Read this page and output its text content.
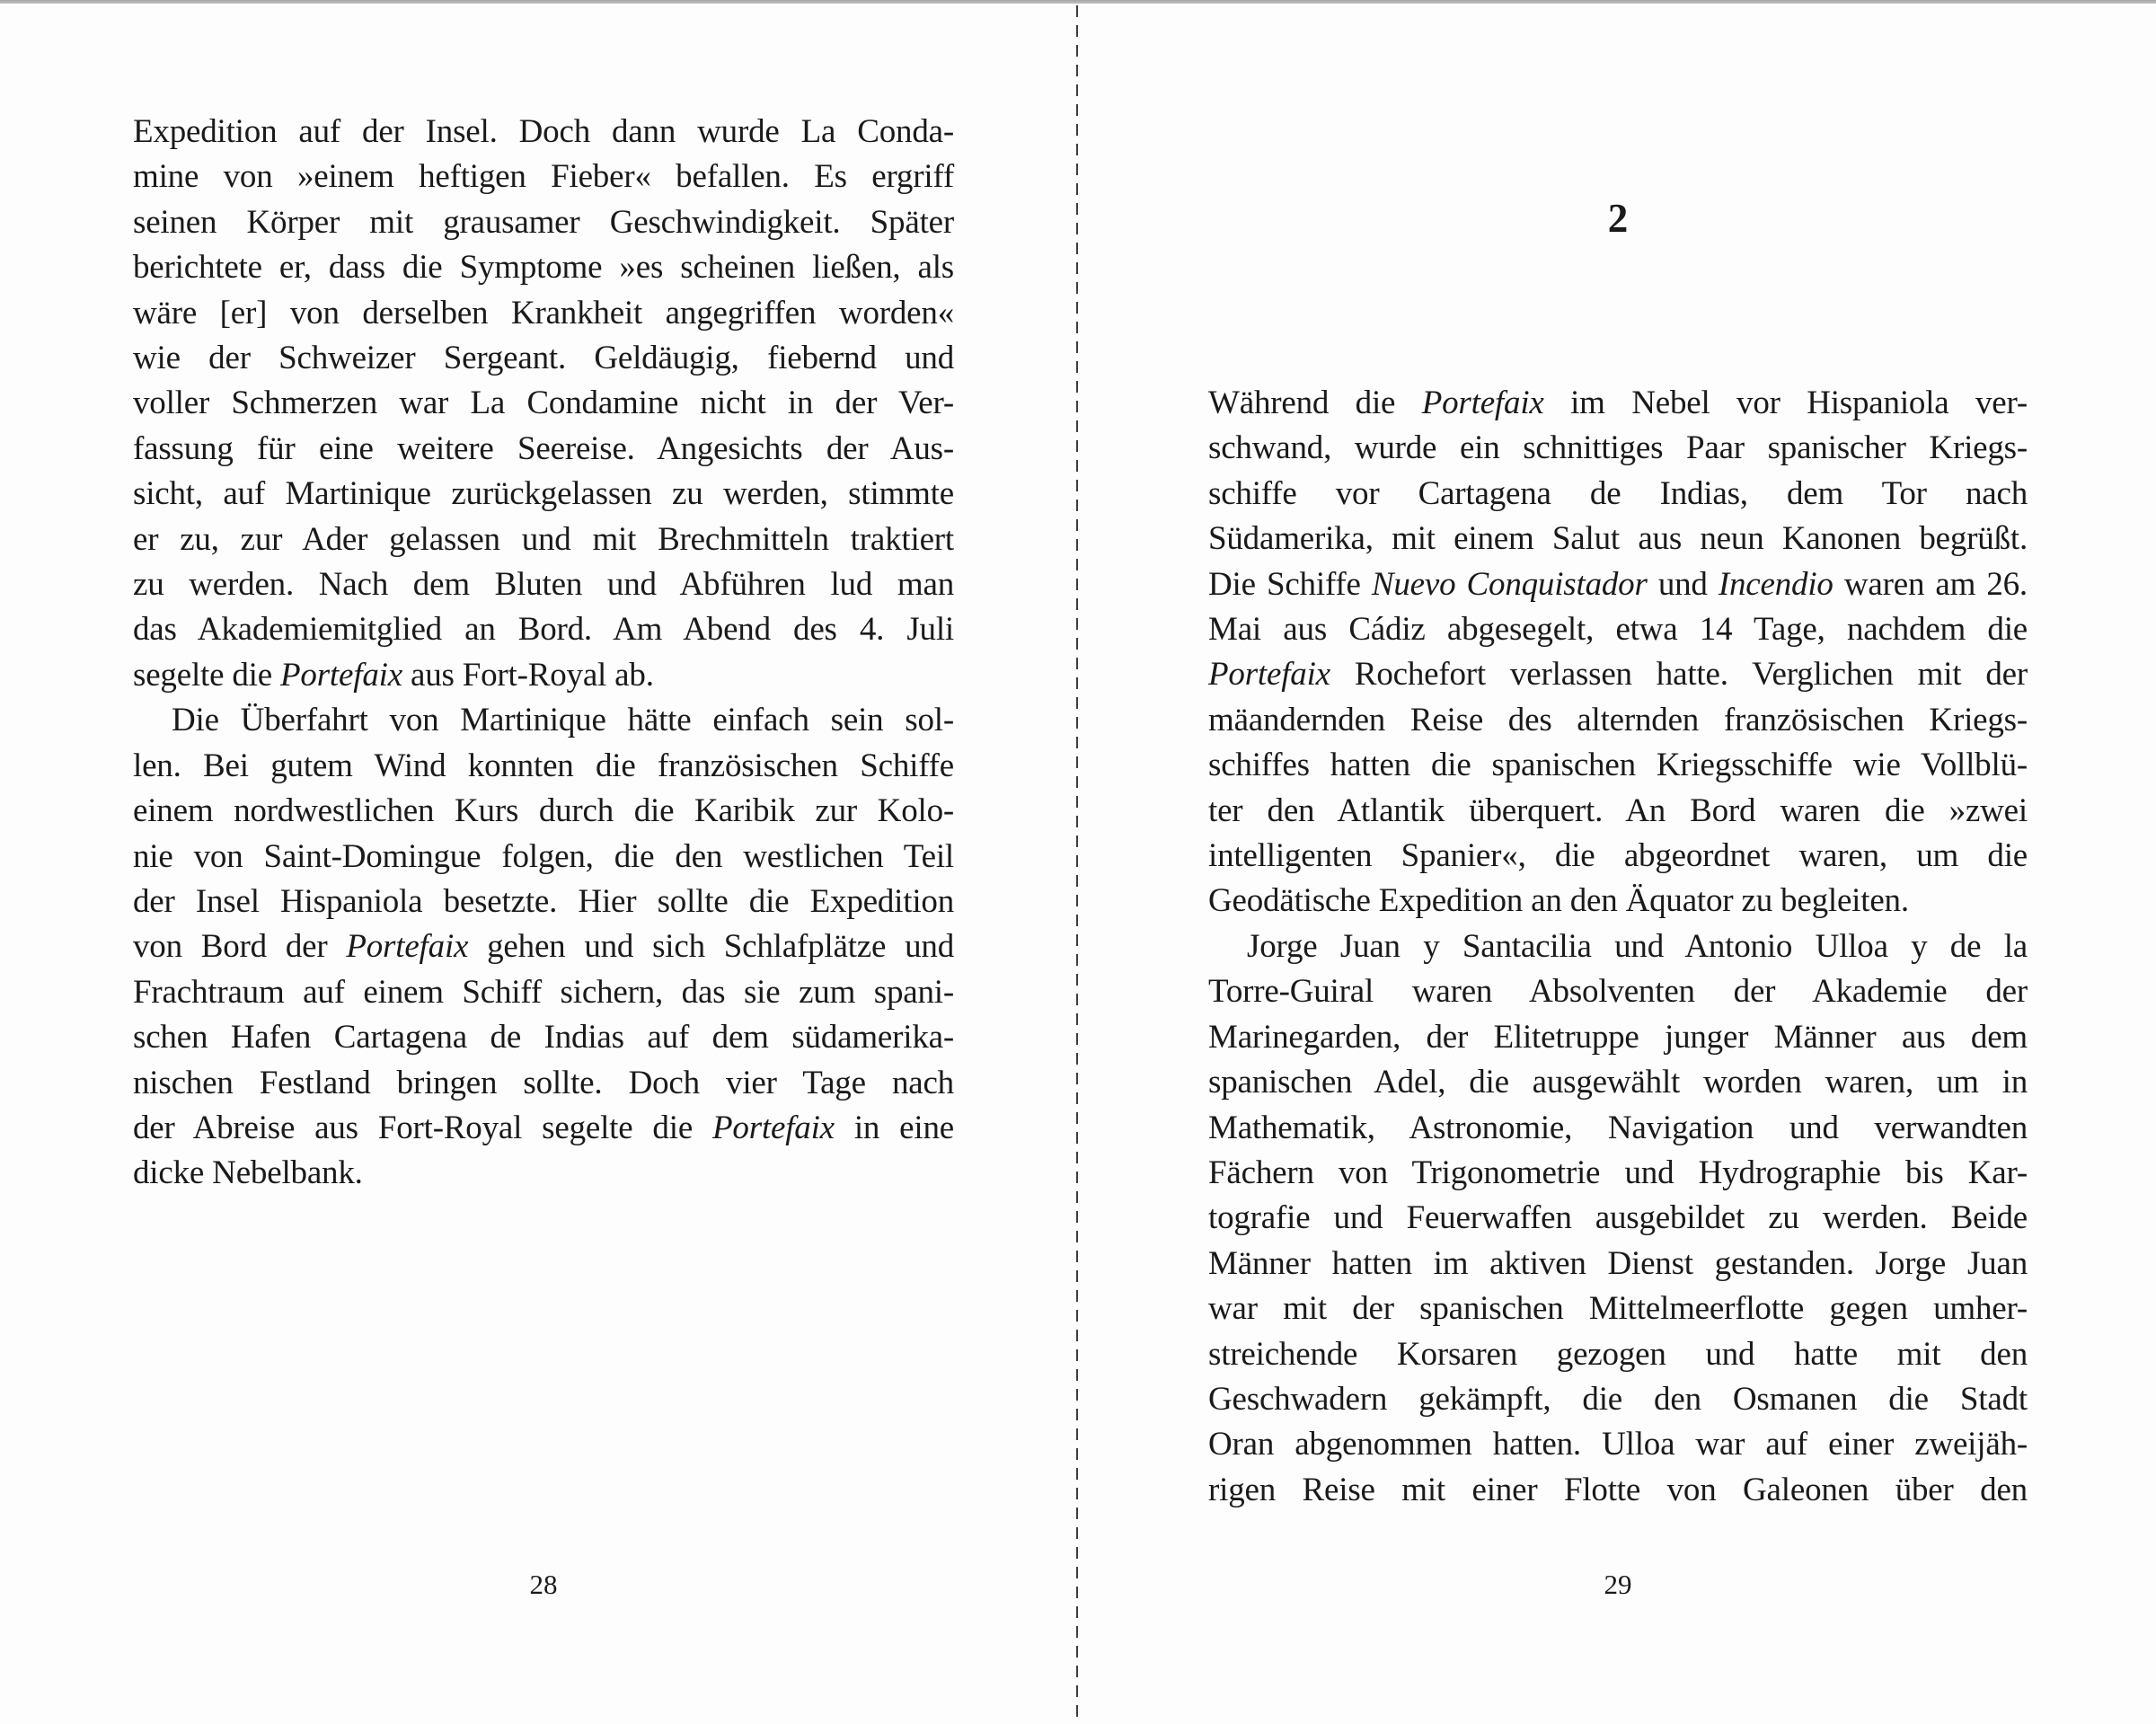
Expedition auf der Insel. Doch dann wurde La Conda-
mine von »einem heftigen Fieber« befallen. Es ergriff
seinen Körper mit grausamer Geschwindigkeit. Später
berichtete er, dass die Symptome »es scheinen ließen, als
wäre [er] von derselben Krankheit angegriffen worden«
wie der Schweizer Sergeant. Geldäugig, fiebernd und
voller Schmerzen war La Condamine nicht in der Ver-
fassung für eine weitere Seereise. Angesichts der Aus-
sicht, auf Martinique zurückgelassen zu werden, stimmte
er zu, zur Ader gelassen und mit Brechmitteln traktiert
zu werden. Nach dem Bluten und Abführen lud man
das Akademiemitglied an Bord. Am Abend des 4. Juli
segelte die Portefaix aus Fort-Royal ab.
Die Überfahrt von Martinique hätte einfach sein sol-
len. Bei gutem Wind konnten die französischen Schiffe
einem nordwestlichen Kurs durch die Karibik zur Kolo-
nie von Saint-Domingue folgen, die den westlichen Teil
der Insel Hispaniola besetzte. Hier sollte die Expedition
von Bord der Portefaix gehen und sich Schlafplätze und
Frachtraum auf einem Schiff sichern, das sie zum spani-
schen Hafen Cartagena de Indias auf dem südamerika-
nischen Festland bringen sollte. Doch vier Tage nach
der Abreise aus Fort-Royal segelte die Portefaix in eine
dicke Nebelbank.
28
2
Während die Portefaix im Nebel vor Hispaniola ver-
schwand, wurde ein schnittiges Paar spanischer Kriegs-
schiffe vor Cartagena de Indias, dem Tor nach
Südamerika, mit einem Salut aus neun Kanonen begrüßt.
Die Schiffe Nuevo Conquistador und Incendio waren am 26.
Mai aus Cádiz abgesegelt, etwa 14 Tage, nachdem die
Portefaix Rochefort verlassen hatte. Verglichen mit der
mäandernden Reise des alternden französischen Kriegs-
schiffes hatten die spanischen Kriegsschiffe wie Vollblü-
ter den Atlantik überquert. An Bord waren die »zwei
intelligenten Spanier«, die abgeordnet waren, um die
Geodätische Expedition an den Äquator zu begleiten.
Jorge Juan y Santacilia und Antonio Ulloa y de la
Torre-Guiral waren Absolventen der Akademie der
Marinegarden, der Elitetruppe junger Männer aus dem
spanischen Adel, die ausgewählt worden waren, um in
Mathematik, Astronomie, Navigation und verwandten
Fächern von Trigonometrie und Hydrographie bis Kar-
tografie und Feuerwaffen ausgebildet zu werden. Beide
Männer hatten im aktiven Dienst gestanden. Jorge Juan
war mit der spanischen Mittelmeerflotte gegen umher-
streichende Korsaren gezogen und hatte mit den
Geschwadern gekämpft, die den Osmanen die Stadt
Oran abgenommen hatten. Ulloa war auf einer zweijäh-
rigen Reise mit einer Flotte von Galeonen über den
29
